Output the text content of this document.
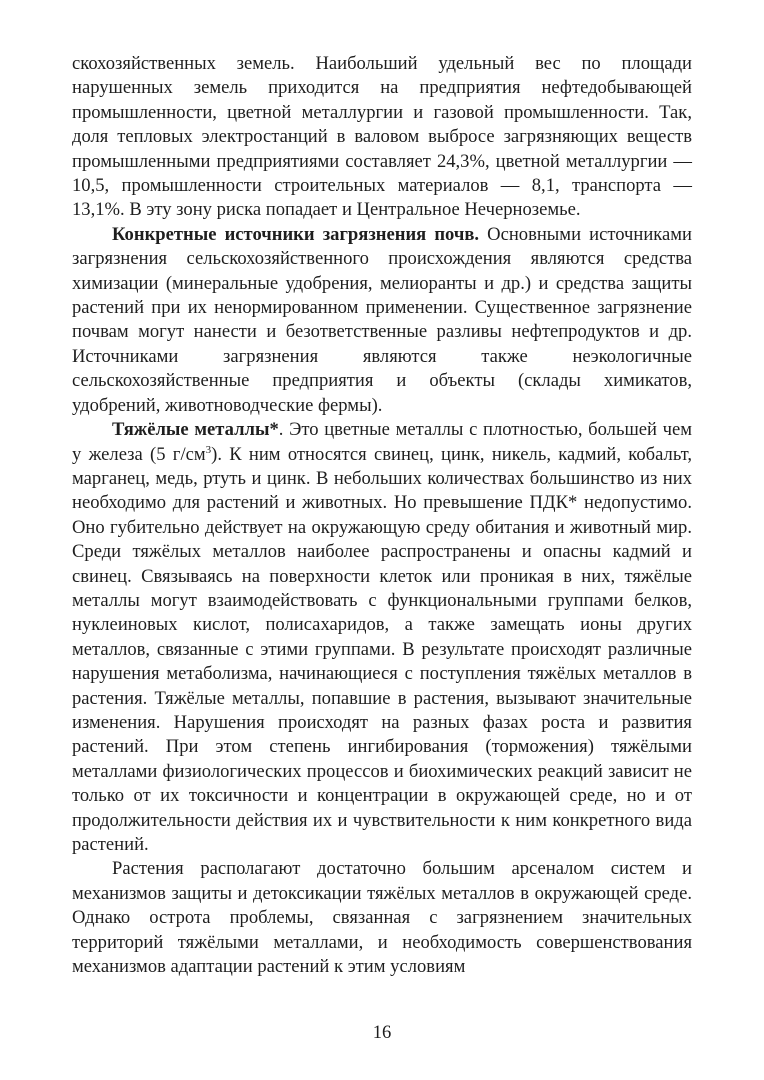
скохозяйственных земель. Наибольший удельный вес по площади нарушенных земель приходится на предприятия нефтедобывающей промышленности, цветной металлургии и газовой промышленности. Так, доля тепловых электростанций в валовом выбросе загрязняющих веществ промышленными предприятиями составляет 24,3%, цветной металлургии — 10,5, промышленности строительных материалов — 8,1, транспорта — 13,1%. В эту зону риска попадает и Центральное Нечерноземье.

Конкретные источники загрязнения почв. Основными источниками загрязнения сельскохозяйственного происхождения являются средства химизации (минеральные удобрения, мелиоранты и др.) и средства защиты растений при их ненормированном применении. Существенное загрязнение почвам могут нанести и безответственные разливы нефтепродуктов и др. Источниками загрязнения являются также неэкологичные сельскохозяйственные предприятия и объекты (склады химикатов, удобрений, животноводческие фермы).

Тяжёлые металлы*. Это цветные металлы с плотностью, большей чем у железа (5 $г/см^3$). К ним относятся свинец, цинк, никель, кадмий, кобальт, марганец, медь, ртуть и цинк. В небольших количествах большинство из них необходимо для растений и животных. Но превышение ПДК* недопустимо. Оно губительно действует на окружающую среду обитания и животный мир. Среди тяжёлых металлов наиболее распространены и опасны кадмий и свинец. Связываясь на поверхности клеток или проникая в них, тяжёлые металлы могут взаимодействовать с функциональными группами белков, нуклеиновых кислот, полисахаридов, а также замещать ионы других металлов, связанные с этими группами. В результате происходят различные нарушения метаболизма, начинающиеся с поступления тяжёлых металлов в растения. Тяжёлые металлы, попавшие в растения, вызывают значительные изменения. Нарушения происходят на разных фазах роста и развития растений. При этом степень ингибирования (торможения) тяжёлыми металлами физиологических процессов и биохимических реакций зависит не только от их токсичности и концентрации в окружающей среде, но и от продолжительности действия их и чувствительности к ним конкретного вида растений.

Растения располагают достаточно большим арсеналом систем и механизмов защиты и детоксикации тяжёлых металлов в окружающей среде. Однако острота проблемы, связанная с загрязнением значительных территорий тяжёлыми металлами, и необходимость совершенствования механизмов адаптации растений к этим условиям

16
